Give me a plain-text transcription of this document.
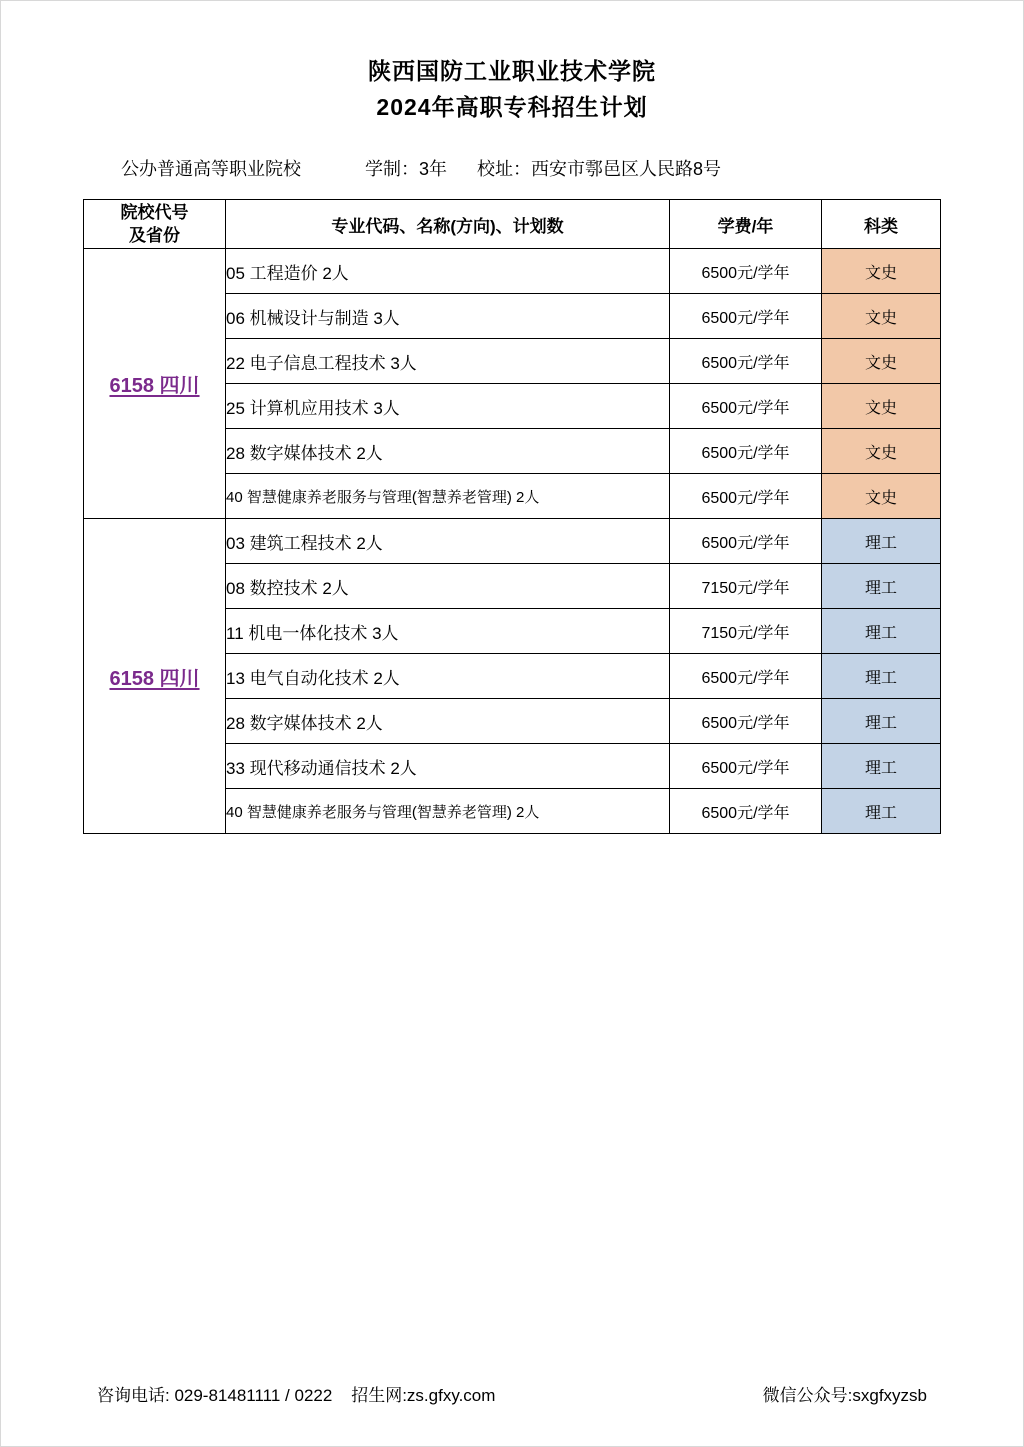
陕西国防工业职业技术学院
2024年高职专科招生计划
公办普通高等职业院校	学制：3年 校址：西安市鄠邑区人民路8号
院校代号
及省份	专业代码、名称(方向)、计划数	学费/年	科类
6158 四川	05 工程造价 2人	6500元/学年	文史
	06 机械设计与制造 3人	6500元/学年	文史
	22 电子信息工程技术 3人	6500元/学年	文史
	25 计算机应用技术 3人	6500元/学年	文史
	28 数字媒体技术 2人	6500元/学年	文史
	40 智慧健康养老服务与管理(智慧养老管理) 2人	6500元/学年	文史
6158 四川	03 建筑工程技术 2人	6500元/学年	理工
	08 数控技术 2人	7150元/学年	理工
	11 机电一体化技术 3人	7150元/学年	理工
	13 电气自动化技术 2人	6500元/学年	理工
	28 数字媒体技术 2人	6500元/学年	理工
	33 现代移动通信技术 2人	6500元/学年	理工
	40 智慧健康养老服务与管理(智慧养老管理) 2人	6500元/学年	理工
咨询电话: 029-81481111 / 0222    招生网:zs.gfxy.com	微信公众号:sxgfxyzsb
